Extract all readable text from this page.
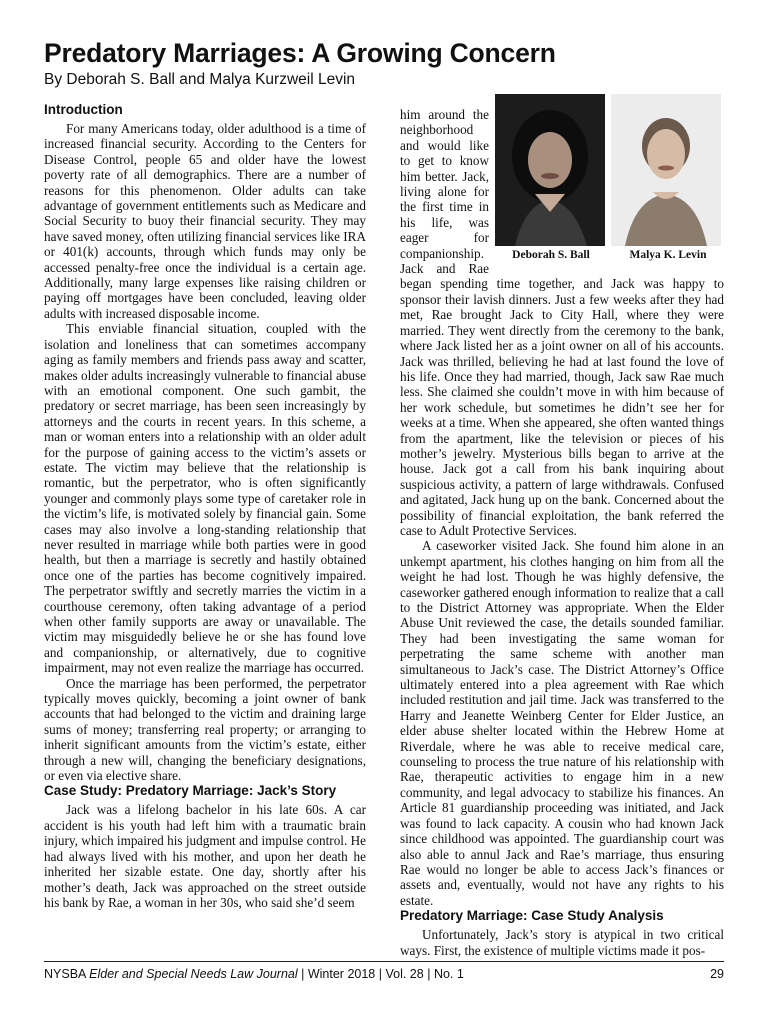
Predatory Marriages: A Growing Concern
By Deborah S. Ball and Malya Kurzweil Levin
Introduction

For many Americans today, older adulthood is a time of increased financial security. According to the Centers for Disease Control, people 65 and older have the lowest poverty rate of all demographics. There are a number of reasons for this phenomenon. Older adults can take advantage of government entitlements such as Medicare and Social Security to buoy their financial security. They may have saved money, often utilizing financial services like IRA or 401(k) accounts, through which funds may only be accessed penalty-free once the individual is a certain age. Additionally, many large expenses like raising children or paying off mortgages have been concluded, leaving older adults with increased disposable income.

This enviable financial situation, coupled with the isolation and loneliness that can sometimes accompany aging as family members and friends pass away and scatter, makes older adults increasingly vulnerable to financial abuse with an emotional component. One such gambit, the predatory or secret marriage, has been seen increasingly by attorneys and the courts in recent years. In this scheme, a man or woman enters into a relationship with an older adult for the purpose of gaining access to the victim’s assets or estate. The victim may believe that the relationship is romantic, but the perpetrator, who is often significantly younger and commonly plays some type of caretaker role in the victim’s life, is motivated solely by financial gain. Some cases may also involve a long-standing relationship that never resulted in marriage while both parties were in good health, but then a marriage is secretly and hastily obtained once one of the parties has become cognitively impaired. The perpetrator swiftly and secretly marries the victim in a courthouse ceremony, often taking advantage of a period when other family supports are away or unavailable. The victim may misguidedly believe he or she has found love and companionship, or alternatively, due to cognitive impairment, may not even realize the marriage has occurred.

Once the marriage has been performed, the perpetrator typically moves quickly, becoming a joint owner of bank accounts that had belonged to the victim and draining large sums of money; transferring real property; or arranging to inherit significant amounts from the victim’s estate, either through a new will, changing the beneficiary designations, or even via elective share.

Case Study: Predatory Marriage: Jack’s Story

Jack was a lifelong bachelor in his late 60s. A car accident is his youth had left him with a traumatic brain injury, which impaired his judgment and impulse control. He had always lived with his mother, and upon her death he inherited her sizable estate. One day, shortly after his mother’s death, Jack was approached on the street outside his bank by Rae, a woman in her 30s, who said she’d seem

Deborah S. Ball	Malya K. Levin

him around the neighborhood and would like to get to know him better. Jack, living alone for the first time in his life, was eager for companionship. Jack and Rae began spending time together, and Jack was happy to sponsor their lavish dinners. Just a few weeks after they had met, Rae brought Jack to City Hall, where they were married. They went directly from the ceremony to the bank, where Jack listed her as a joint owner on all of his accounts. Jack was thrilled, believing he had at last found the love of his life. Once they had married, though, Jack saw Rae much less. She claimed she couldn’t move in with him because of her work schedule, but sometimes he didn’t see her for weeks at a time. When she appeared, she often wanted things from the apartment, like the television or pieces of his mother’s jewelry. Mysterious bills began to arrive at the house. Jack got a call from his bank inquiring about suspicious activity, a pattern of large withdrawals. Confused and agitated, Jack hung up on the bank. Concerned about the possibility of financial exploitation, the bank referred the case to Adult Protective Services.

A caseworker visited Jack. She found him alone in an unkempt apartment, his clothes hanging on him from all the weight he had lost. Though he was highly defensive, the caseworker gathered enough information to realize that a call to the District Attorney was appropriate. When the Elder Abuse Unit reviewed the case, the details sounded familiar. They had been investigating the same woman for perpetrating the same scheme with another man simultaneous to Jack’s case. The District Attorney’s Office ultimately entered into a plea agreement with Rae which included restitution and jail time. Jack was transferred to the Harry and Jeanette Weinberg Center for Elder Justice, an elder abuse shelter located within the Hebrew Home at Riverdale, where he was able to receive medical care, counseling to process the true nature of his relationship with Rae, therapeutic activities to engage him in a new community, and legal advocacy to stabilize his finances. An Article 81 guardianship proceeding was initiated, and Jack was found to lack capacity. A cousin who had known Jack since childhood was appointed. The guardianship court was also able to annul Jack and Rae’s marriage, thus ensuring Rae would no longer be able to access Jack’s finances or assets and, eventually, would not have any rights to his estate.

Predatory Marriage: Case Study Analysis

Unfortunately, Jack’s story is atypical in two critical ways. First, the existence of multiple victims made it pos-

NYSBA Elder and Special Needs Law Journal | Winter 2018 | Vol. 28 | No. 1	29
